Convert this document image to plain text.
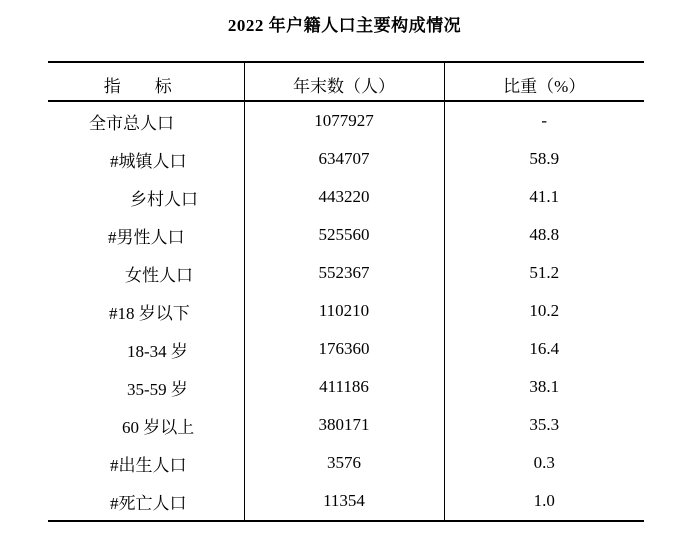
2022 年户籍人口主要构成情况
指　　标	年末数（人）	比重（%）
全市总人口	1077927	-
#城镇人口	634707	58.9
乡村人口	443220	41.1
#男性人口	525560	48.8
女性人口	552367	51.2
#18 岁以下	110210	10.2
18-34 岁	176360	16.4
35-59 岁	411186	38.1
60 岁以上	380171	35.3
#出生人口	3576	0.3
#死亡人口	11354	1.0
